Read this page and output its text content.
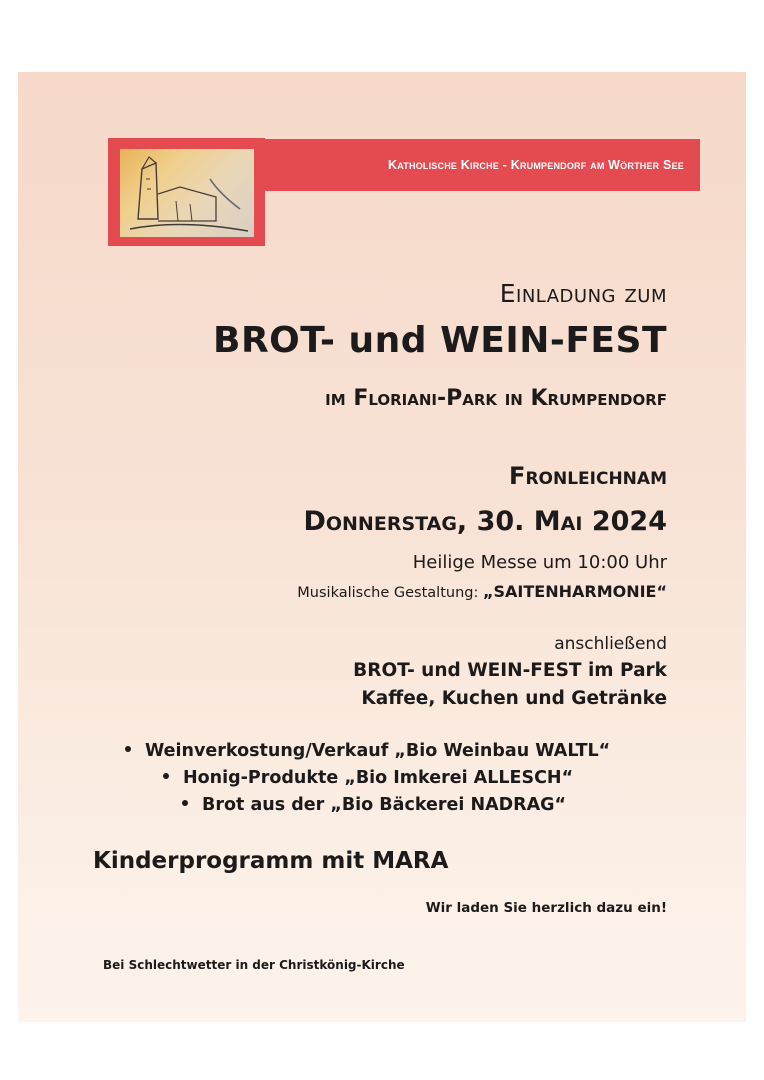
Katholische Kirche - Krumpendorf am Wörther See
Einladung zum
BROT- und WEIN-FEST
im Floriani-Park in Krumpendorf
Fronleichnam
Donnerstag, 30. Mai 2024
Heilige Messe um 10:00 Uhr
Musikalische Gestaltung: „SAITENHARMONIE“
anschließend
BROT- und WEIN-FEST im Park
Kaffee, Kuchen und Getränke
Weinverkostung/Verkauf „Bio Weinbau WALTL“
Honig-Produkte „Bio Imkerei ALLESCH“
Brot aus der „Bio Bäckerei NADRAG“
Kinderprogramm mit MARA
Wir laden Sie herzlich dazu ein!
Bei Schlechtwetter in der Christkönig-Kirche
